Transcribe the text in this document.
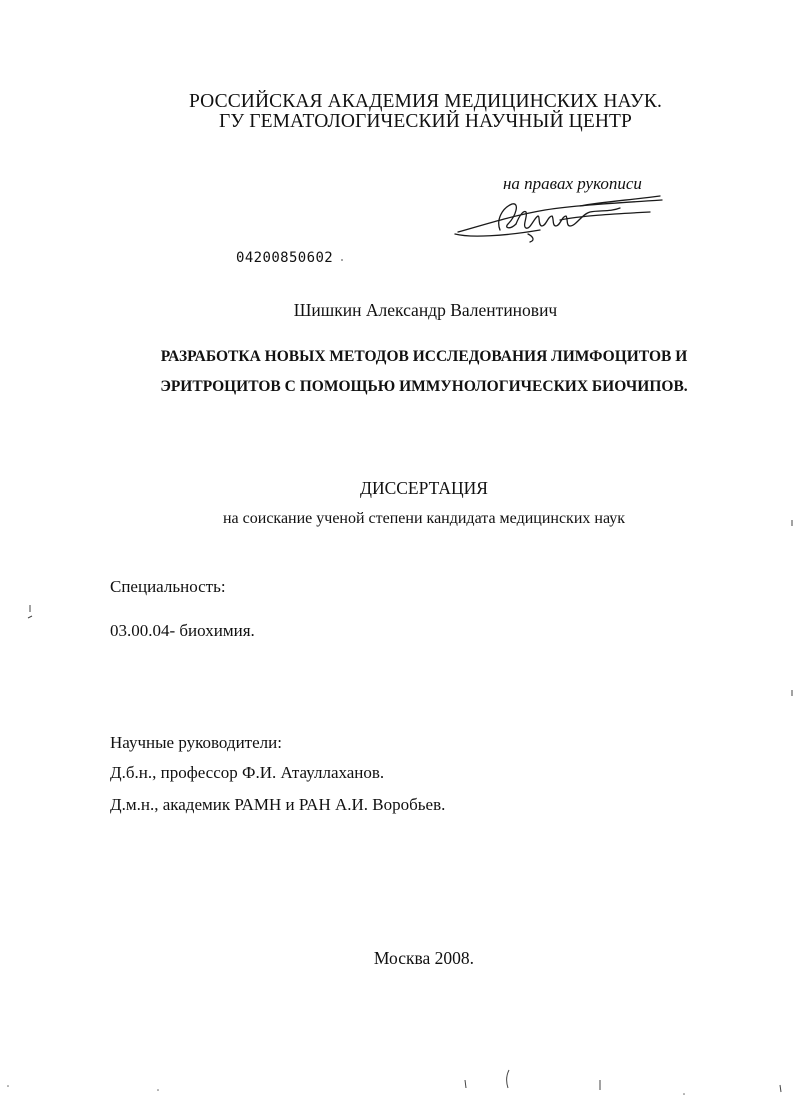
РОССИЙСКАЯ АКАДЕМИЯ МЕДИЦИНСКИХ НАУК.
ГУ ГЕМАТОЛОГИЧЕСКИЙ НАУЧНЫЙ ЦЕНТР
на правах рукописи
04200850602
Шишкин Александр Валентинович
РАЗРАБОТКА НОВЫХ МЕТОДОВ ИССЛЕДОВАНИЯ ЛИМФОЦИТОВ И
ЭРИТРОЦИТОВ С ПОМОЩЬЮ ИММУНОЛОГИЧЕСКИХ БИОЧИПОВ.
ДИССЕРТАЦИЯ
на соискание ученой степени кандидата медицинских наук
Специальность:
03.00.04- биохимия.
Научные руководители:
Д.б.н., профессор Ф.И. Атауллаханов.
Д.м.н., академик РАМН и РАН А.И. Воробьев.
Москва 2008.
